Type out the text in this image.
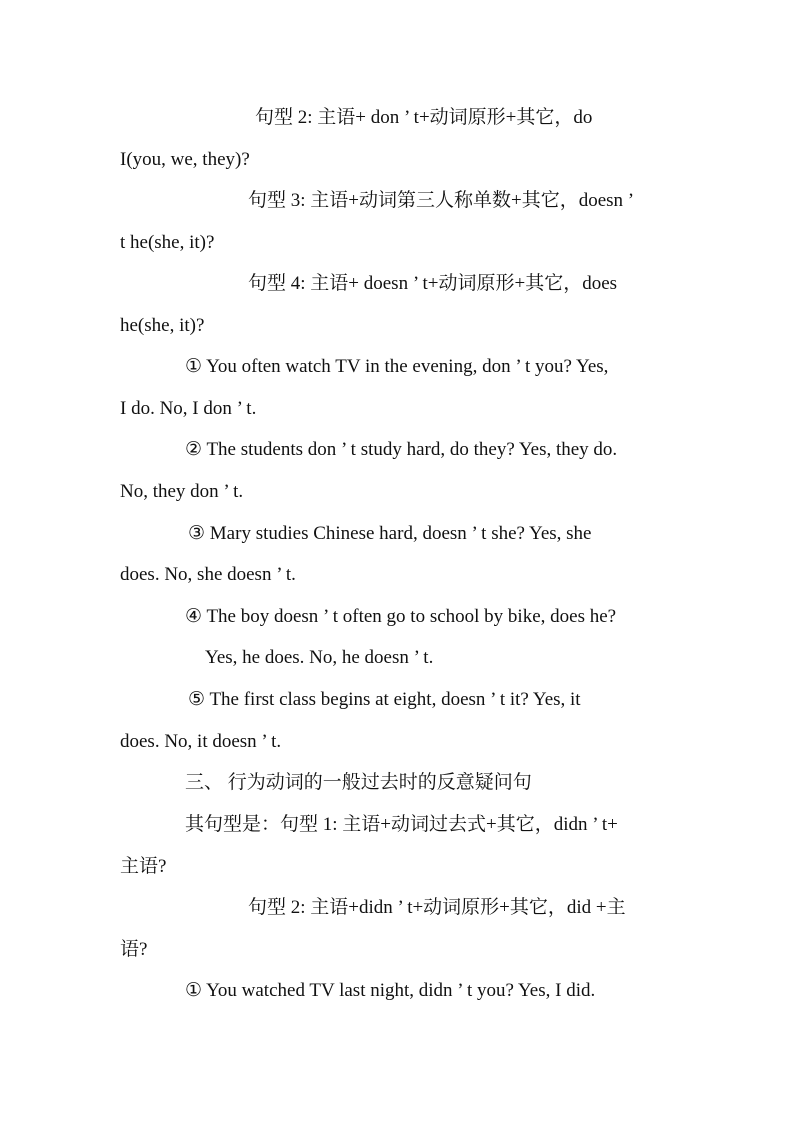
句型 2: 主语+ don ’ t+动词原形+其它，do
I(you, we, they)?
句型 3: 主语+动词第三人称单数+其它，doesn ’
t he(she, it)?
句型 4: 主语+ doesn ’ t+动词原形+其它，does
he(she, it)?
① You often watch TV in the evening, don ’ t you? Yes,
I do. No, I don ’ t.
② The students don ’ t study hard, do they? Yes, they do.
No, they don ’ t.
③ Mary studies Chinese hard, doesn ’ t she? Yes, she
does. No, she doesn ’ t.
④ The boy doesn ’ t often go to school by bike, does he?
Yes, he does. No, he doesn ’ t.
⑤ The first class begins at eight, doesn ’ t it? Yes, it
does. No, it doesn ’ t.
三、 行为动词的一般过去时的反意疑问句
其句型是：句型 1: 主语+动词过去式+其它，didn ’ t+
主语?
句型 2: 主语+didn ’ t+动词原形+其它，did +主
语?
① You watched TV last night, didn ’ t you? Yes, I did.
